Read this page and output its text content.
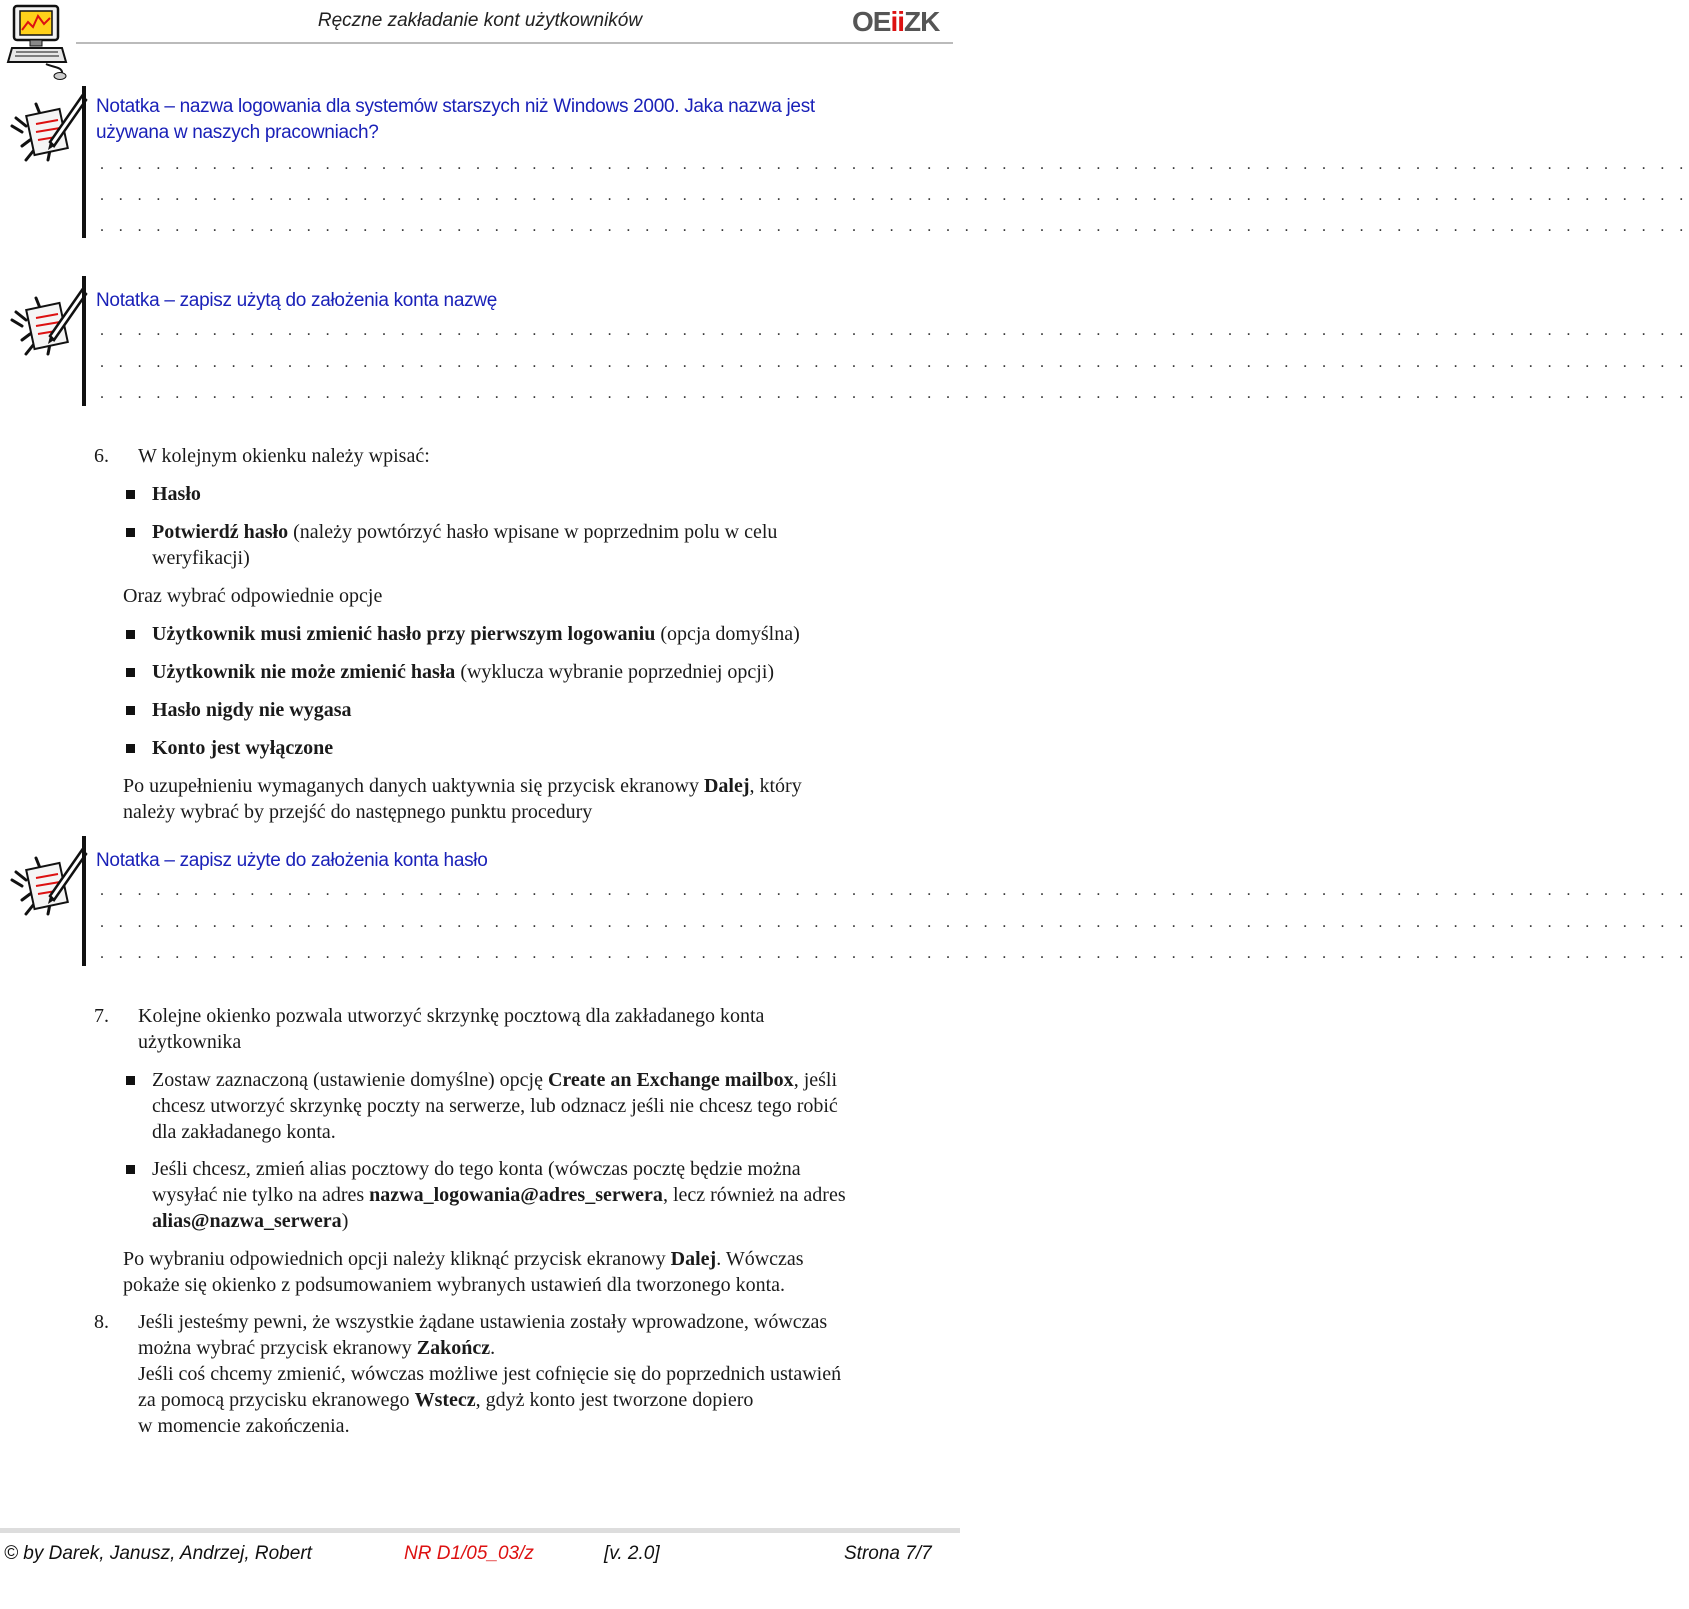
Ręczne zakładanie kont użytkowników	OEiiZK
Notatka – nazwa logowania dla systemów starszych niż Windows 2000. Jaka nazwa jest
używana w naszych pracowniach?
. . . . . . . . . . . . . . . . . . . . . . . . . . . . . . . . . . . . . . . . . . . . . . . . . . . . . . . . . . . . . . . . . . . . . . . . . . . . . . . . . . . . .
. . . . . . . . . . . . . . . . . . . . . . . . . . . . . . . . . . . . . . . . . . . . . . . . . . . . . . . . . . . . . . . . . . . . . . . . . . . . . . . . . . . . .
. . . . . . . . . . . . . . . . . . . . . . . . . . . . . . . . . . . . . . . . . . . . . . . . . . . . . . . . . . . . . . . . . . . . . . . . . . . . . . . . . . . . .
Notatka – zapisz użytą do założenia konta nazwę
. . . . . . . . . . . . . . . . . . . . . . . . . . . . . . . . . . . . . . . . . . . . . . . . . . . . . . . . . . . . . . . . . . . . . . . . . . . . . . . . . . . . .
. . . . . . . . . . . . . . . . . . . . . . . . . . . . . . . . . . . . . . . . . . . . . . . . . . . . . . . . . . . . . . . . . . . . . . . . . . . . . . . . . . . . .
. . . . . . . . . . . . . . . . . . . . . . . . . . . . . . . . . . . . . . . . . . . . . . . . . . . . . . . . . . . . . . . . . . . . . . . . . . . . . . . . . . . . .
6. W kolejnym okienku należy wpisać:
Hasło
Potwierdź hasło (należy powtórzyć hasło wpisane w poprzednim polu w celu
weryfikacji)
Oraz wybrać odpowiednie opcje
Użytkownik musi zmienić hasło przy pierwszym logowaniu (opcja domyślna)
Użytkownik nie może zmienić hasła (wyklucza wybranie poprzedniej opcji)
Hasło nigdy nie wygasa
Konto jest wyłączone
Po uzupełnieniu wymaganych danych uaktywnia się przycisk ekranowy Dalej, który
należy wybrać by przejść do następnego punktu procedury
Notatka – zapisz użyte do założenia konta hasło
. . . . . . . . . . . . . . . . . . . . . . . . . . . . . . . . . . . . . . . . . . . . . . . . . . . . . . . . . . . . . . . . . . . . . . . . . . . . . . . . . . . . .
. . . . . . . . . . . . . . . . . . . . . . . . . . . . . . . . . . . . . . . . . . . . . . . . . . . . . . . . . . . . . . . . . . . . . . . . . . . . . . . . . . . . .
. . . . . . . . . . . . . . . . . . . . . . . . . . . . . . . . . . . . . . . . . . . . . . . . . . . . . . . . . . . . . . . . . . . . . . . . . . . . . . . . . . . . .
7. Kolejne okienko pozwala utworzyć skrzynkę pocztową dla zakładanego konta
użytkownika
Zostaw zaznaczoną (ustawienie domyślne) opcję Create an Exchange mailbox, jeśli
chcesz utworzyć skrzynkę poczty na serwerze, lub odznacz jeśli nie chcesz tego robić
dla zakładanego konta.
Jeśli chcesz, zmień alias pocztowy do tego konta (wówczas pocztę będzie można
wysyłać nie tylko na adres nazwa_logowania@adres_serwera, lecz również na adres
alias@nazwa_serwera)
Po wybraniu odpowiednich opcji należy kliknąć przycisk ekranowy Dalej. Wówczas
pokaże się okienko z podsumowaniem wybranych ustawień dla tworzonego konta.
8. Jeśli jesteśmy pewni, że wszystkie żądane ustawienia zostały wprowadzone, wówczas
można wybrać przycisk ekranowy Zakończ.
Jeśli coś chcemy zmienić, wówczas możliwe jest cofnięcie się do poprzednich ustawień
za pomocą przycisku ekranowego Wstecz, gdyż konto jest tworzone dopiero
w momencie zakończenia.
© by Darek, Janusz, Andrzej, Robert	NR D1/05_03/z	[v. 2.0]	Strona 7/7
